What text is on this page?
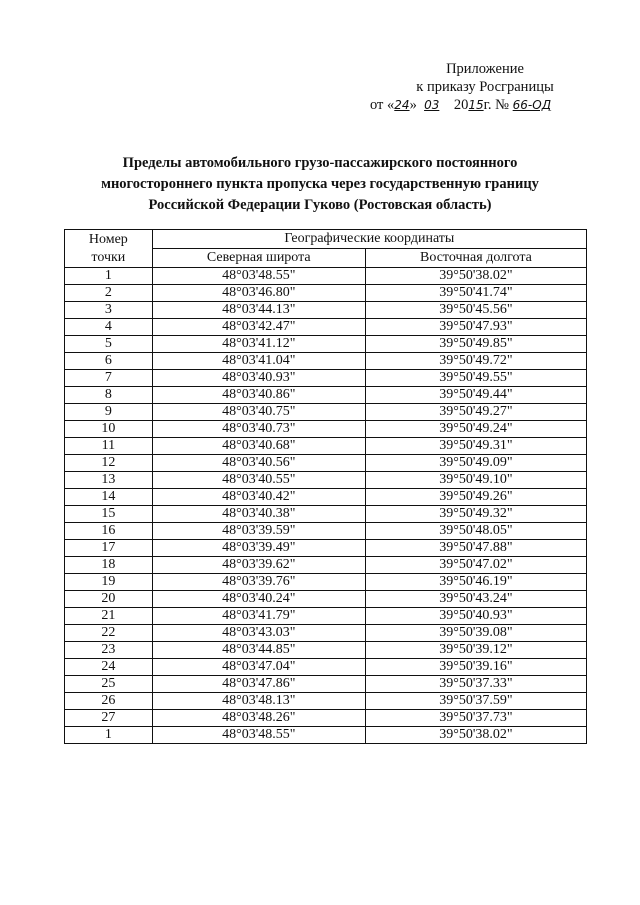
Приложение
к приказу Росграницы
от «24» 03 2015г. № 66-ОД
Пределы автомобильного грузо-пассажирского постоянного многостороннего пункта пропуска через государственную границу Российской Федерации Гуково (Ростовская область)
Номер
точки	Географические координаты	
	Северная широта	Восточная долгота
1	48°03'48.55"	39°50'38.02"
2	48°03'46.80"	39°50'41.74"
3	48°03'44.13"	39°50'45.56"
4	48°03'42.47"	39°50'47.93"
5	48°03'41.12"	39°50'49.85"
6	48°03'41.04"	39°50'49.72"
7	48°03'40.93"	39°50'49.55"
8	48°03'40.86"	39°50'49.44"
9	48°03'40.75"	39°50'49.27"
10	48°03'40.73"	39°50'49.24"
11	48°03'40.68"	39°50'49.31"
12	48°03'40.56"	39°50'49.09"
13	48°03'40.55"	39°50'49.10"
14	48°03'40.42"	39°50'49.26"
15	48°03'40.38"	39°50'49.32"
16	48°03'39.59"	39°50'48.05"
17	48°03'39.49"	39°50'47.88"
18	48°03'39.62"	39°50'47.02"
19	48°03'39.76"	39°50'46.19"
20	48°03'40.24"	39°50'43.24"
21	48°03'41.79"	39°50'40.93"
22	48°03'43.03"	39°50'39.08"
23	48°03'44.85"	39°50'39.12"
24	48°03'47.04"	39°50'39.16"
25	48°03'47.86"	39°50'37.33"
26	48°03'48.13"	39°50'37.59"
27	48°03'48.26"	39°50'37.73"
1	48°03'48.55"	39°50'38.02"
